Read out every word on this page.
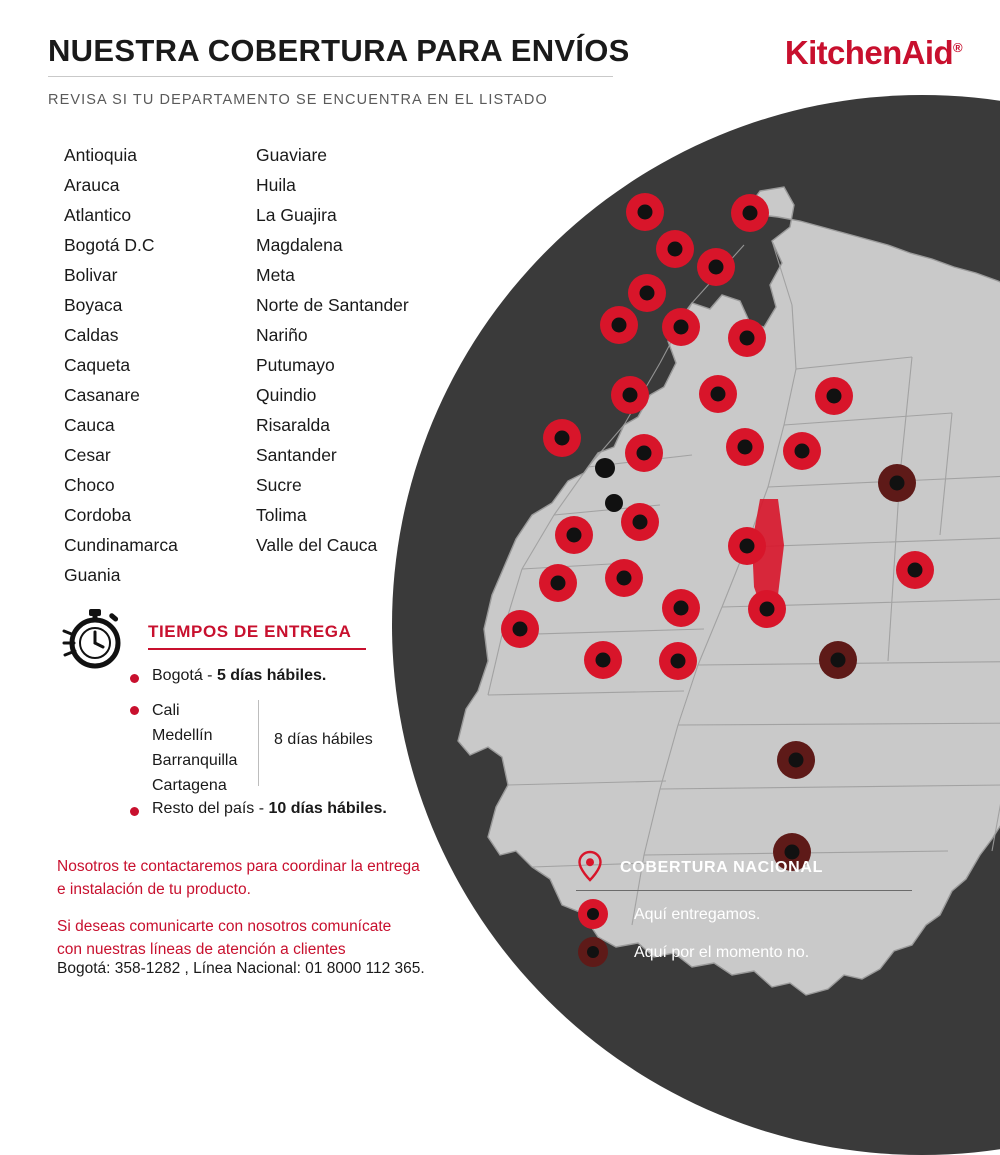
NUESTRA COBERTURA PARA ENVÍOS
REVISA SI TU DEPARTAMENTO SE ENCUENTRA EN EL LISTADO
KitchenAid®
Antioquia
Arauca
Atlantico
Bogotá D.C
Bolivar
Boyaca
Caldas
Caqueta
Casanare
Cauca
Cesar
Choco
Cordoba
Cundinamarca
Guania
Guaviare
Huila
La Guajira
Magdalena
Meta
Norte de Santander
Nariño
Putumayo
Quindio
Risaralda
Santander
Sucre
Tolima
Valle del Cauca
TIEMPOS DE ENTREGA
Bogotá - 5 días hábiles.
Cali
Medellín
Barranquilla
Cartagena
8 días hábiles
Resto del país - 10 días hábiles.
Nosotros te contactaremos para coordinar la entrega
e instalación de tu producto.
Si deseas comunicarte con nosotros comunícate
con nuestras líneas de atención a clientes
Bogotá: 358-1282 , Línea Nacional: 01 8000 112 365.
COBERTURA NACIONAL
Aquí entregamos.
Aquí por el momento no.
